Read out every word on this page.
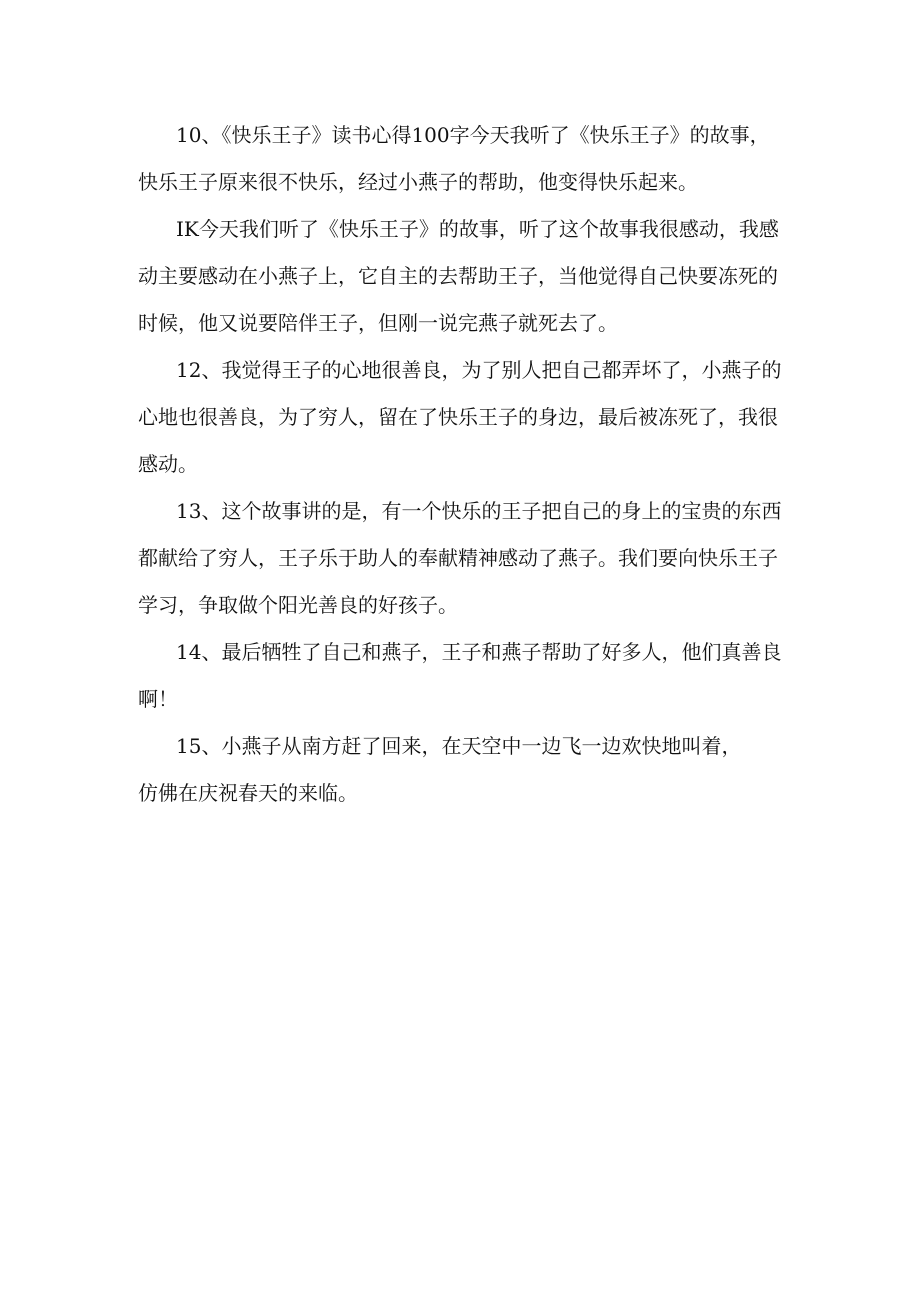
10、《快乐王子》读书心得100字今天我听了《快乐王子》的故事，
快乐王子原来很不快乐，经过小燕子的帮助，他变得快乐起来。
IK今天我们听了《快乐王子》的故事，听了这个故事我很感动，我感
动主要感动在小燕子上，它自主的去帮助王子，当他觉得自己快要冻死的
时候，他又说要陪伴王子，但刚一说完燕子就死去了。
12、我觉得王子的心地很善良，为了别人把自己都弄坏了，小燕子的
心地也很善良，为了穷人，留在了快乐王子的身边，最后被冻死了，我很
感动。
13、这个故事讲的是，有一个快乐的王子把自己的身上的宝贵的东西
都献给了穷人，王子乐于助人的奉献精神感动了燕子。我们要向快乐王子
学习，争取做个阳光善良的好孩子。
14、最后牺牲了自己和燕子，王子和燕子帮助了好多人，他们真善良
啊！
15、小燕子从南方赶了回来，在天空中一边飞一边欢快地叫着，
仿佛在庆祝春天的来临。
